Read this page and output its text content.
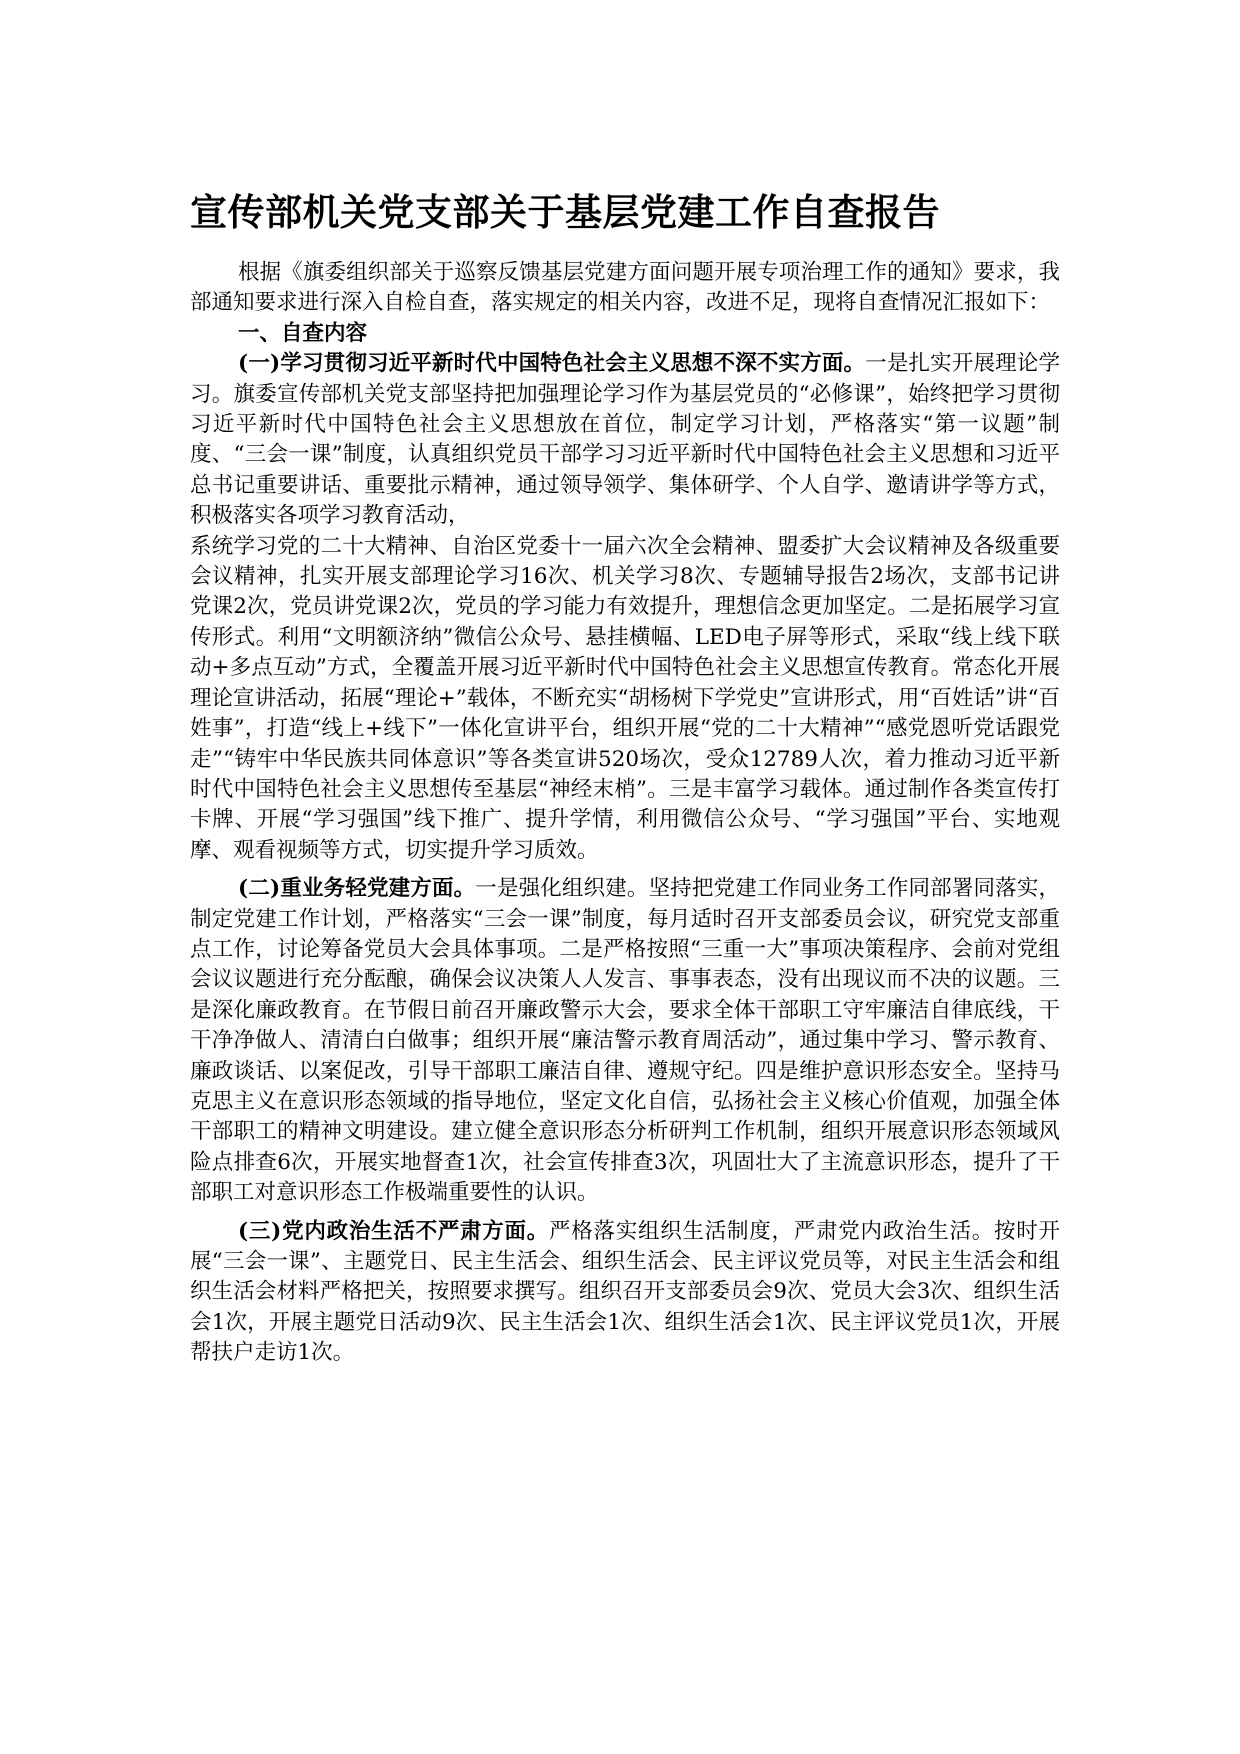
宣传部机关党支部关于基层党建工作自查报告

根据《旗委组织部关于巡察反馈基层党建方面问题开展专项治理工作的通知》要求，我部通知要求进行深入自检自查，落实规定的相关内容，改进不足，现将自查情况汇报如下：

一、自查内容

(一)学习贯彻习近平新时代中国特色社会主义思想不深不实方面。一是扎实开展理论学习。旗委宣传部机关党支部坚持把加强理论学习作为基层党员的“必修课”，始终把学习贯彻习近平新时代中国特色社会主义思想放在首位，制定学习计划，严格落实“第一议题”制度、“三会一课”制度，认真组织党员干部学习习近平新时代中国特色社会主义思想和习近平总书记重要讲话、重要批示精神，通过领导领学、集体研学、个人自学、邀请讲学等方式，积极落实各项学习教育活动，

系统学习党的二十大精神、自治区党委十一届六次全会精神、盟委扩大会议精神及各级重要会议精神，扎实开展支部理论学习16次、机关学习8次、专题辅导报告2场次，支部书记讲党课2次，党员讲党课2次，党员的学习能力有效提升，理想信念更加坚定。二是拓展学习宣传形式。利用“文明额济纳”微信公众号、悬挂横幅、LED电子屏等形式，采取“线上线下联动+多点互动”方式，全覆盖开展习近平新时代中国特色社会主义思想宣传教育。常态化开展理论宣讲活动，拓展“理论+”载体，不断充实“胡杨树下学党史”宣讲形式，用“百姓话”讲“百姓事”，打造“线上+线下”一体化宣讲平台，组织开展“党的二十大精神”“感党恩听党话跟党走”“铸牢中华民族共同体意识”等各类宣讲520场次，受众12789人次，着力推动习近平新时代中国特色社会主义思想传至基层“神经末梢”。三是丰富学习载体。通过制作各类宣传打卡牌、开展“学习强国”线下推广、提升学情，利用微信公众号、“学习强国”平台、实地观摩、观看视频等方式，切实提升学习质效。

(二)重业务轻党建方面。一是强化组织建。坚持把党建工作同业务工作同部署同落实，制定党建工作计划，严格落实“三会一课”制度，每月适时召开支部委员会议，研究党支部重点工作，讨论筹备党员大会具体事项。二是严格按照“三重一大”事项决策程序、会前对党组会议议题进行充分酝酿，确保会议决策人人发言、事事表态，没有出现议而不决的议题。三是深化廉政教育。在节假日前召开廉政警示大会，要求全体干部职工守牢廉洁自律底线，干干净净做人、清清白白做事；组织开展“廉洁警示教育周活动”，通过集中学习、警示教育、廉政谈话、以案促改，引导干部职工廉洁自律、遵规守纪。四是维护意识形态安全。坚持马克思主义在意识形态领域的指导地位，坚定文化自信，弘扬社会主义核心价值观，加强全体干部职工的精神文明建设。建立健全意识形态分析研判工作机制，组织开展意识形态领域风险点排查6次，开展实地督查1次，社会宣传排查3次，巩固壮大了主流意识形态，提升了干部职工对意识形态工作极端重要性的认识。

(三)党内政治生活不严肃方面。严格落实组织生活制度，严肃党内政治生活。按时开展“三会一课”、主题党日、民主生活会、组织生活会、民主评议党员等，对民主生活会和组织生活会材料严格把关，按照要求撰写。组织召开支部委员会9次、党员大会3次、组织生活会1次，开展主题党日活动9次、民主生活会1次、组织生活会1次、民主评议党员1次，开展帮扶户走访1次。
